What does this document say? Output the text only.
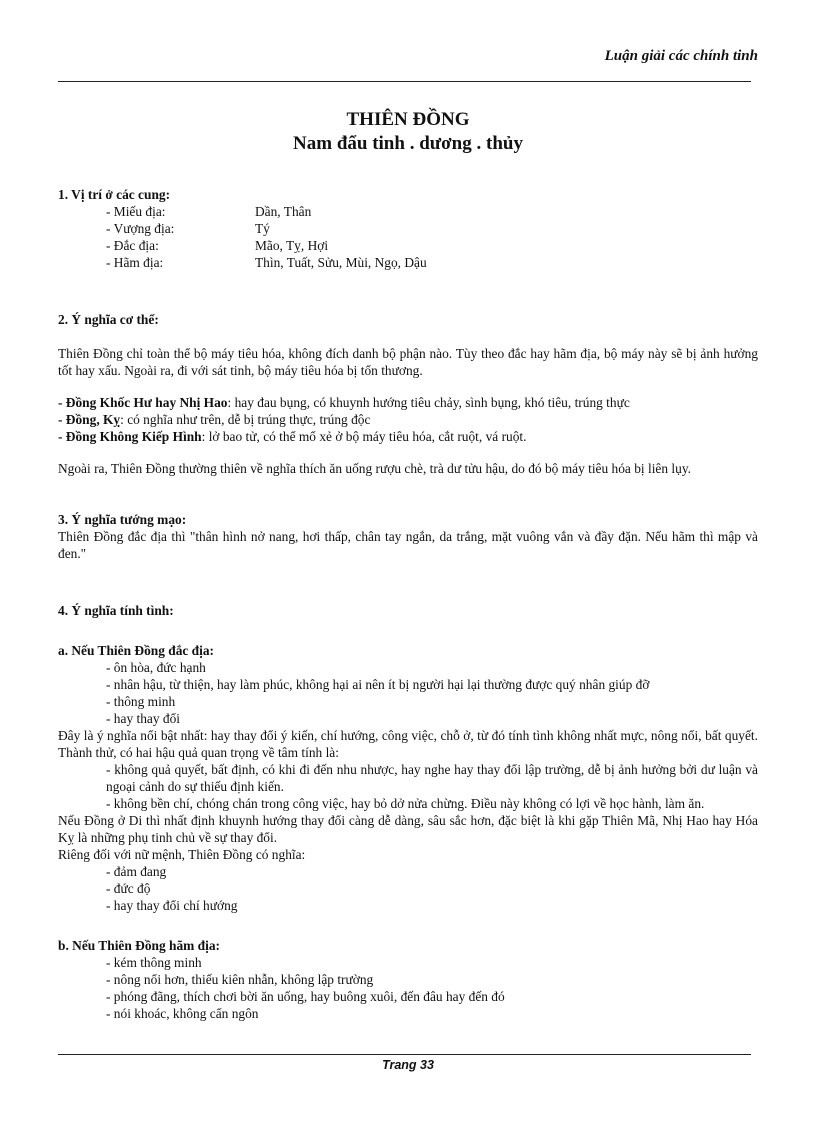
Luận giải các chính tinh
THIÊN ĐỒNG
Nam đẩu tinh . dương . thủy

1. Vị trí ở các cung:

- Miếu địa:	Dần, Thân
- Vượng địa:	Tý
- Đắc địa:	Mão, Tỵ, Hợi
- Hãm địa:	Thìn, Tuất, Sửu, Mùi, Ngọ, Dậu

2. Ý nghĩa cơ thể:

Thiên Đồng chỉ toàn thể bộ máy tiêu hóa, không đích danh bộ phận nào. Tùy theo đắc hay hãm địa, bộ máy này sẽ bị ảnh hưởng tốt hay xấu. Ngoài ra, đi với sát tinh, bộ máy tiêu hóa bị tổn thương.

- Đồng Khốc Hư hay Nhị Hao: hay đau bụng, có khuynh hướng tiêu chảy, sình bụng, khó tiêu, trúng thực

- Đồng, Kỵ: có nghĩa như trên, dễ bị trúng thực, trúng độc

- Đồng Không Kiếp Hình: lở bao tử, có thể mổ xẻ ở bộ máy tiêu hóa, cắt ruột, vá ruột.

Ngoài ra, Thiên Đồng thường thiên về nghĩa thích ăn uống rượu chè, trà dư tửu hậu, do đó bộ máy tiêu hóa bị liên lụy.

3. Ý nghĩa tướng mạo:

Thiên Đồng đắc địa thì "thân hình nở nang, hơi thấp, chân tay ngắn, da trắng, mặt vuông vắn và đầy đặn. Nếu hãm thì mập và đen."

4. Ý nghĩa tính tình:

a. Nếu Thiên Đồng đắc địa:

- ôn hòa, đức hạnh

- nhân hậu, từ thiện, hay làm phúc, không hại ai nên ít bị người hại lại thường được quý nhân giúp đỡ

- thông minh

- hay thay đổi

Đây là ý nghĩa nổi bật nhất: hay thay đổi ý kiến, chí hướng, công việc, chỗ ở, từ đó tính tình không nhất mực, nông nổi, bất quyết. Thành thử, có hai hậu quả quan trọng về tâm tính là:

- không quả quyết, bất định, có khi đi đến nhu nhược, hay nghe hay thay đổi lập trường, dễ bị ảnh hưởng bởi dư luận và ngoại cảnh do sự thiếu định kiến.

- không bền chí, chóng chán trong công việc, hay bỏ dở nửa chừng. Điều này không có lợi về học hành, làm ăn.

Nếu Đồng ở Di thì nhất định khuynh hướng thay đổi càng dễ dàng, sâu sắc hơn, đặc biệt là khi gặp Thiên Mã, Nhị Hao hay Hóa Kỵ là những phụ tinh chủ về sự thay đổi.

Riêng đối với nữ mệnh, Thiên Đồng có nghĩa:

- đảm đang

- đức độ

- hay thay đổi chí hướng

b. Nếu Thiên Đồng hãm địa:

- kém thông minh

- nông nổi hơn, thiếu kiên nhẫn, không lập trường

- phóng đãng, thích chơi bời ăn uống, hay buông xuôi, đến đâu hay đến đó

- nói khoác, không cẩn ngôn

Trang 33
